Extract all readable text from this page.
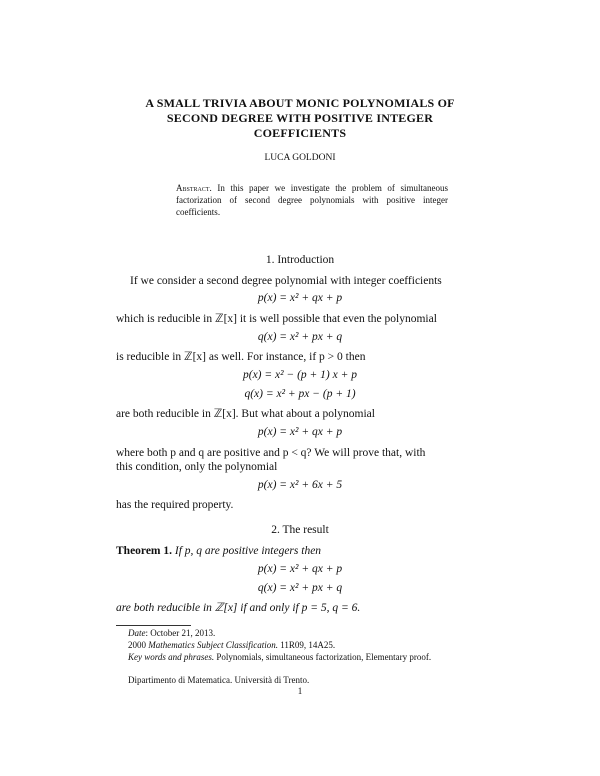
A SMALL TRIVIA ABOUT MONIC POLYNOMIALS OF
SECOND DEGREE WITH POSITIVE INTEGER
COEFFICIENTS
LUCA GOLDONI
Abstract. In this paper we investigate the problem of simultaneous factorization of second degree polynomials with positive integer coefficients.
1. Introduction
If we consider a second degree polynomial with integer coefficients
p(x) = x² + qx + p
which is reducible in ℤ[x] it is well possible that even the polynomial
q(x) = x² + px + q
is reducible in ℤ[x] as well. For instance, if p > 0 then
p(x) = x² − (p + 1) x + p
q(x) = x² + px − (p + 1)
are both reducible in ℤ[x]. But what about a polynomial
p(x) = x² + qx + p
where both p and q are positive and p < q? We will prove that, with
this condition, only the polynomial
p(x) = x² + 6x + 5
has the required property.
2. The result
Theorem 1. If p, q are positive integers then
p(x) = x² + qx + p
q(x) = x² + px + q
are both reducible in ℤ[x] if and only if p = 5, q = 6.
Date: October 21, 2013.
2000 Mathematics Subject Classification. 11R09, 14A25.
Key words and phrases. Polynomials, simultaneous factorization, Elementary proof.
Dipartimento di Matematica. Università di Trento.
1
